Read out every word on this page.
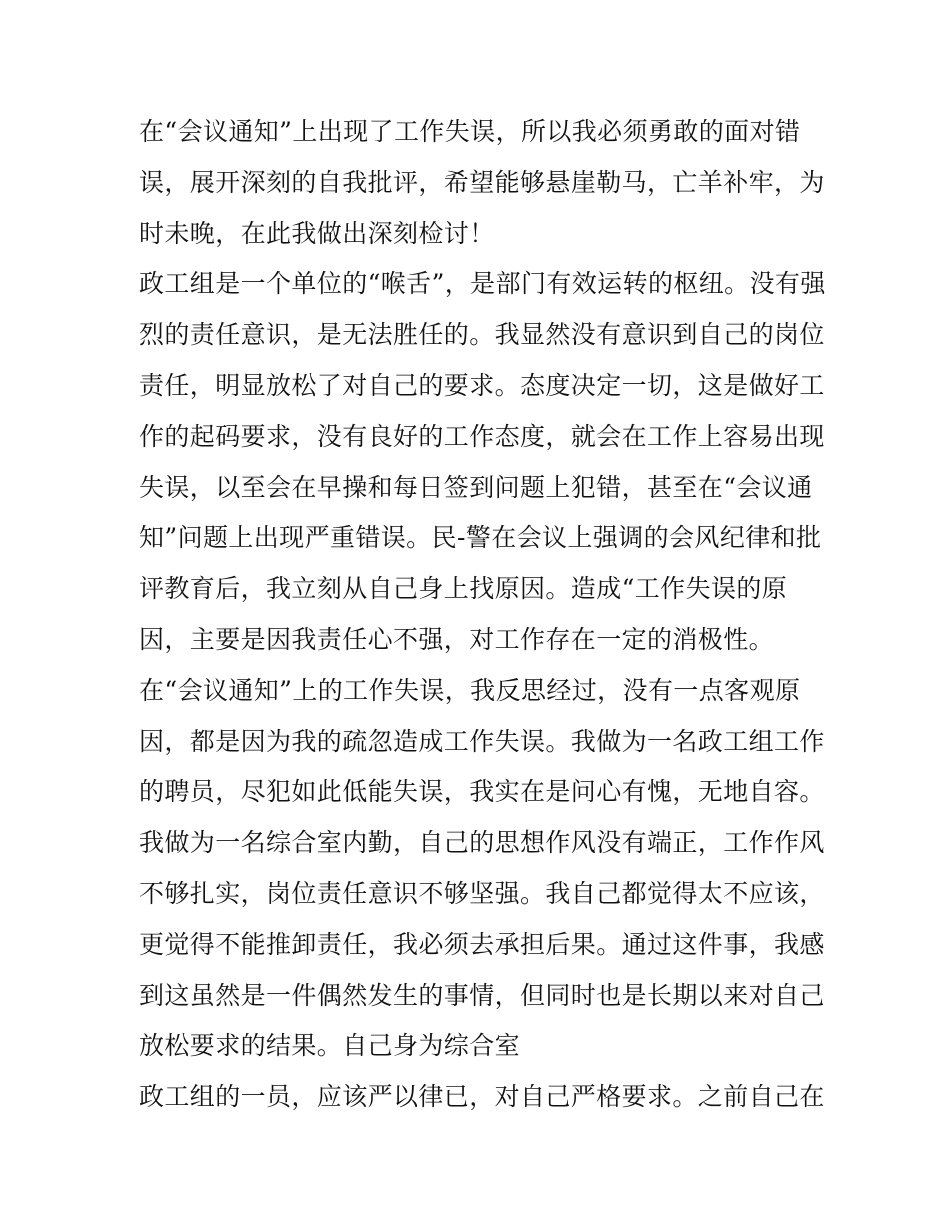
在“会议通知”上出现了工作失误，所以我必须勇敢的面对错
误，展开深刻的自我批评，希望能够悬崖勒马，亡羊补牢，为
时未晚，在此我做出深刻检讨！
政工组是一个单位的“喉舌”，是部门有效运转的枢纽。没有强
烈的责任意识，是无法胜任的。我显然没有意识到自己的岗位
责任，明显放松了对自己的要求。态度决定一切，这是做好工
作的起码要求，没有良好的工作态度，就会在工作上容易出现
失误，以至会在早操和每日签到问题上犯错，甚至在“会议通
知”问题上出现严重错误。民-警在会议上强调的会风纪律和批
评教育后，我立刻从自己身上找原因。造成“工作失误的原
因，主要是因我责任心不强，对工作存在一定的消极性。
在“会议通知”上的工作失误，我反思经过，没有一点客观原
因，都是因为我的疏忽造成工作失误。我做为一名政工组工作
的聘员，尽犯如此低能失误，我实在是问心有愧，无地自容。
我做为一名综合室内勤，自己的思想作风没有端正，工作作风
不够扎实，岗位责任意识不够坚强。我自己都觉得太不应该，
更觉得不能推卸责任，我必须去承担后果。通过这件事，我感
到这虽然是一件偶然发生的事情，但同时也是长期以来对自己
放松要求的结果。自己身为综合室
政工组的一员，应该严以律已，对自己严格要求。之前自己在
